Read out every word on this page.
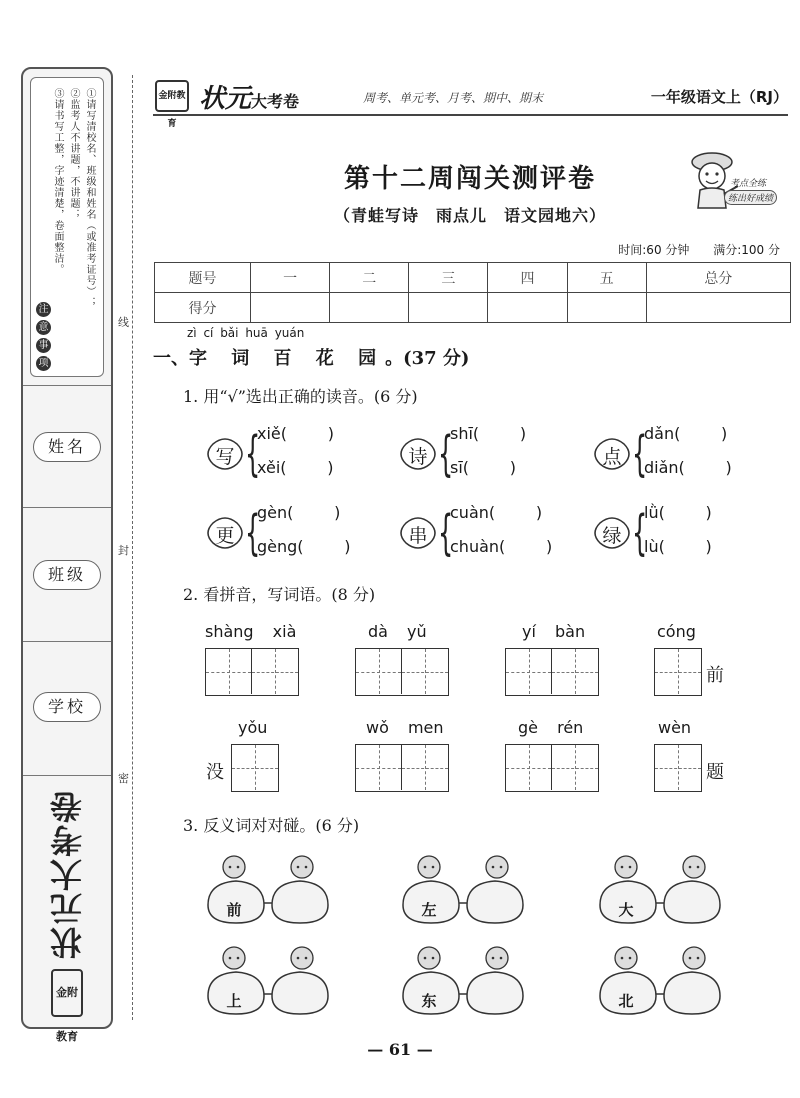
①请写清校名、班级和姓名（或准考证号）；
②监考人不讲题，不讲题；
③请书写工整，字迹清楚，卷面整洁。
注
意
事
项
姓名
班级
学校
状元大考卷
金附教育
线
封
密
金附教育
状元大考卷	周考、单元考、月考、期中、期末	一年级语文上（RJ）
第十二周闯关测评卷
（青蛙写诗　雨点儿　语文园地六）
考点全练
练出好成绩
时间:60 分钟 满分:100 分
题号	一	二	三	四	五	总分
得分						
zì cí bǎi huā yuán
一、字 词 百 花 园。(37 分)
1. 用“√”选出正确的读音。(6 分)
写 {
xiě(        )
xěi(        )	诗 {
shī(        )
sī(        )	点 {
dǎn(        )
diǎn(        )
更 {
gèn(        )
gèng(        )	串 {
cuàn(        )
chuàn(        )	绿 {
lǜ(        )
lù(        )
2. 看拼音，写词语。(8 分)
shàng xià	dà yǔ	yí bàn	cóng
前
yǒu
没
wǒ men	gè rén	wèn
题
3. 反义词对对碰。(6 分)
前	左	大
上	东	北
— 61 —
